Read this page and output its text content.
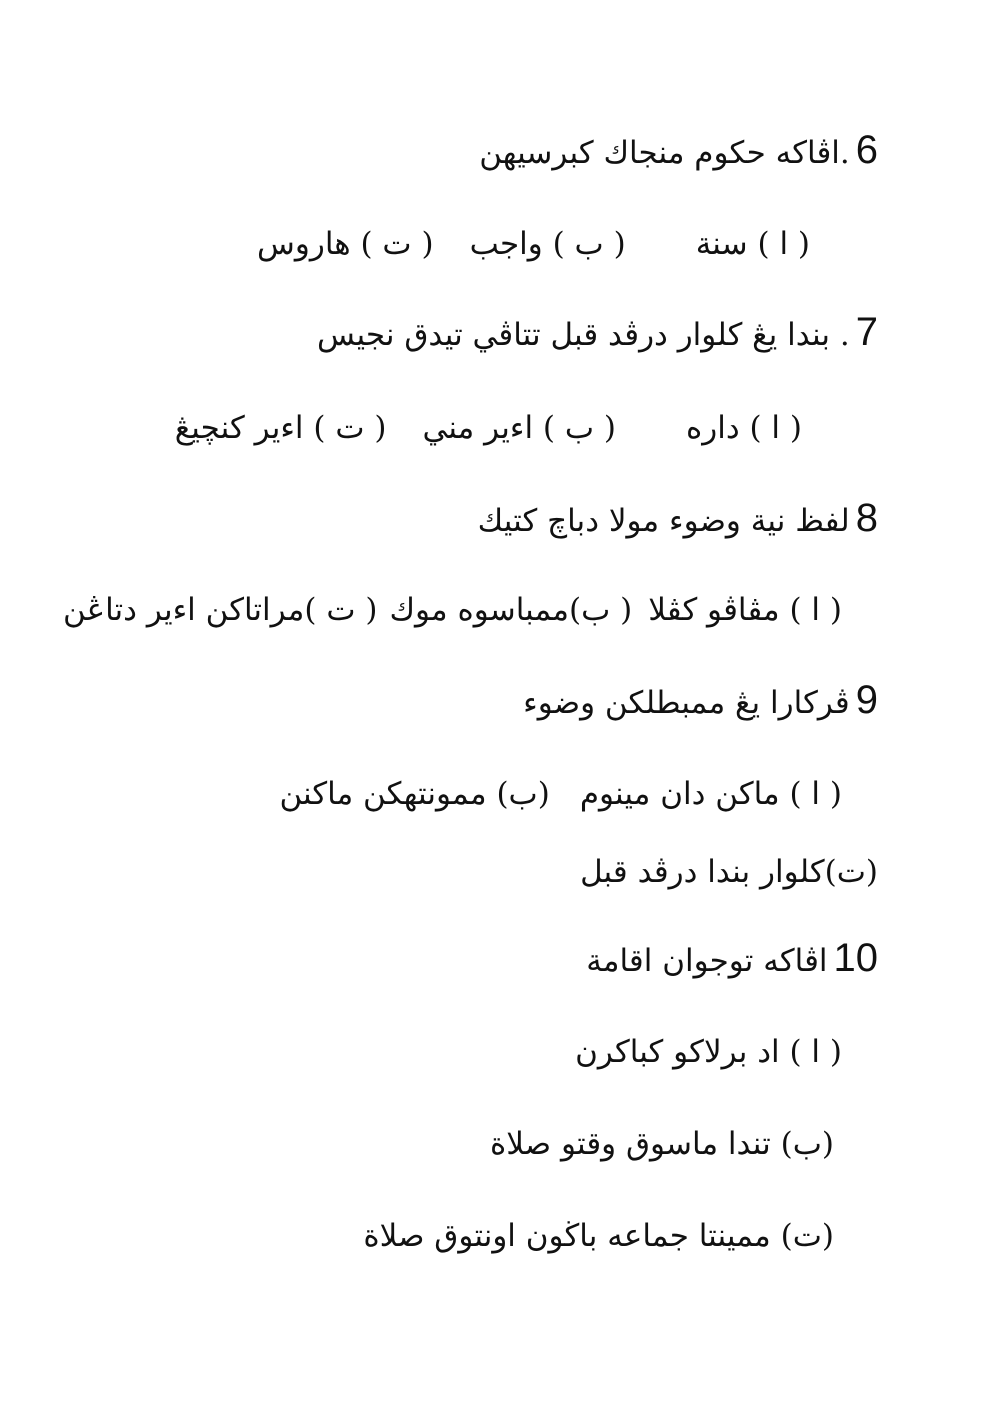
6.اڤاكه حكوم منجاك كبرسيهن
( ا ) سنة( ب ) واجب( ت ) هاروس
7. بندا يڠ كلوار درڤد قبل تتاڤي تيدق نجيس
( ا ) داره( ب ) اءير مني( ت ) اءير كنچيڠ
8لفظ نية وضوء مولا دباچ كتيك
( ا ) مڤاڤو كڤلا( ب)ممباسوه موك( ت )مراتاكن اءير دتاڠن
9ڤركارا يڠ ممبطلكن وضوء
( ا ) ماكن دان مينوم(ب) ممونتهكن ماكنن
(ت)كلوار بندا درڤد قبل
10اڤاكه توجوان اقامة
( ا ) اد برلاكو كباكرن
(ب) تندا ماسوق وقتو صلاة
(ت) ممينتا جماعه باڬون اونتوق صلاة
